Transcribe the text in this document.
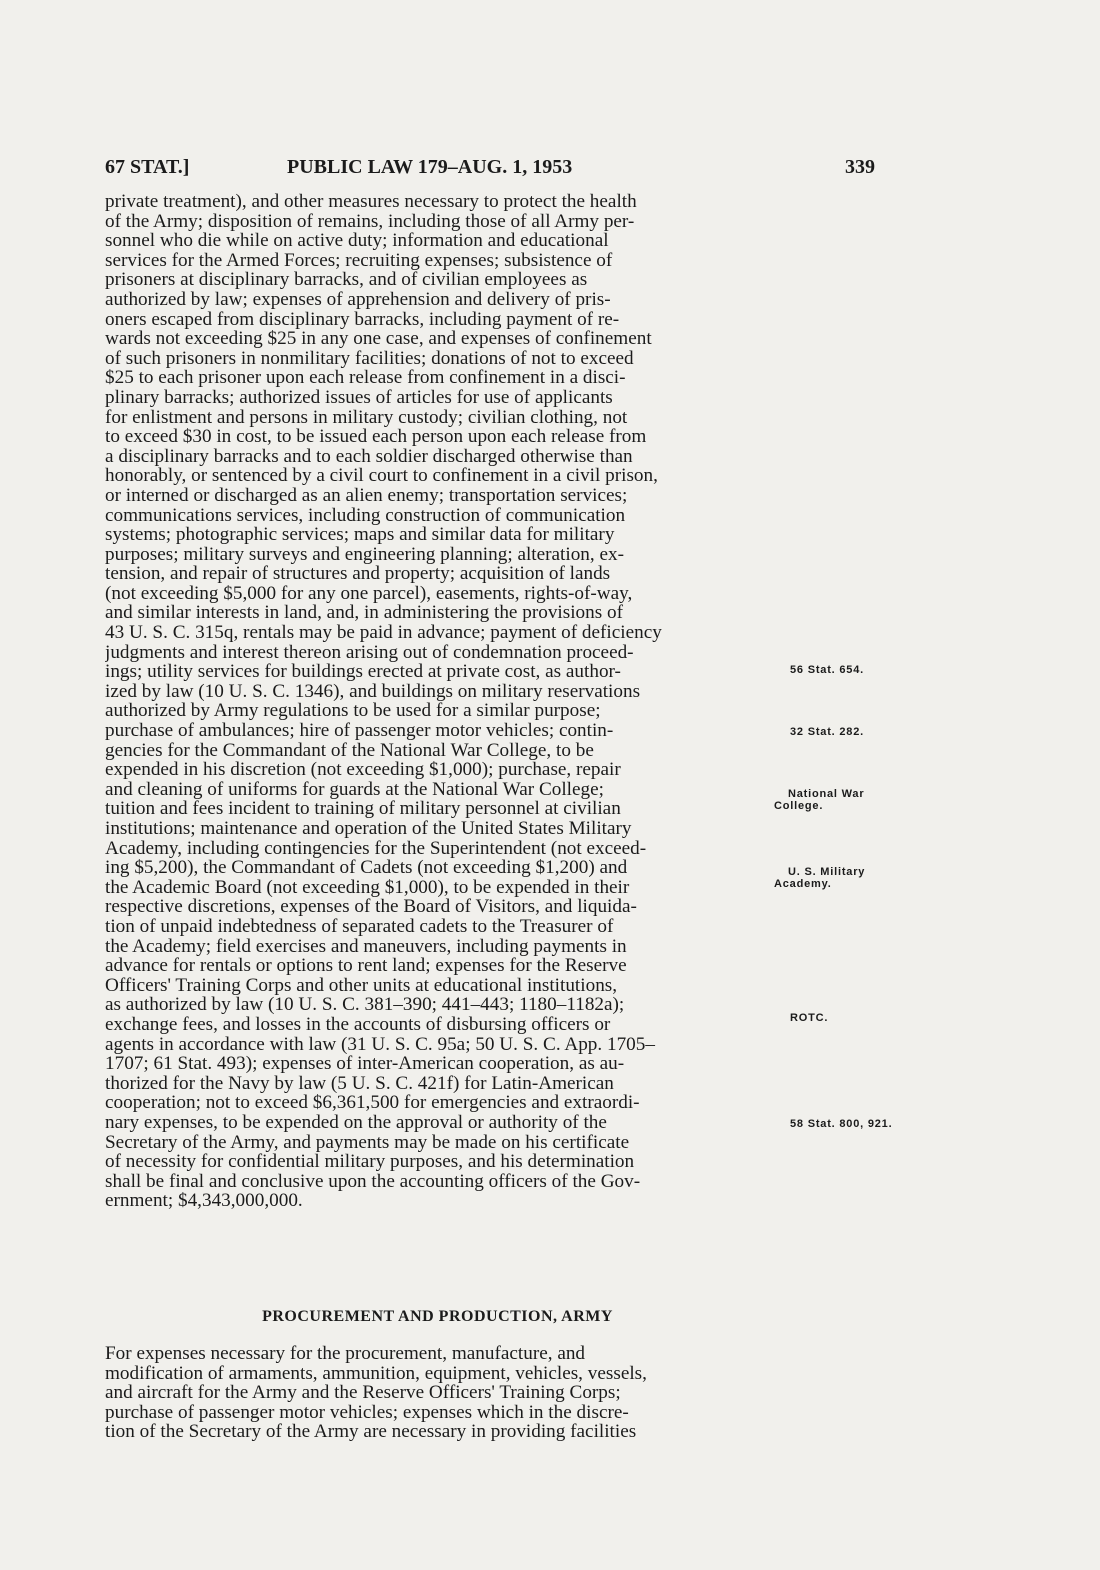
67 STAT.]	PUBLIC LAW 179–AUG. 1, 1953	339
private treatment), and other measures necessary to protect the health
of the Army; disposition of remains, including those of all Army per-
sonnel who die while on active duty; information and educational
services for the Armed Forces; recruiting expenses; subsistence of
prisoners at disciplinary barracks, and of civilian employees as
authorized by law; expenses of apprehension and delivery of pris-
oners escaped from disciplinary barracks, including payment of re-
wards not exceeding $25 in any one case, and expenses of confinement
of such prisoners in nonmilitary facilities; donations of not to exceed
$25 to each prisoner upon each release from confinement in a disci-
plinary barracks; authorized issues of articles for use of applicants
for enlistment and persons in military custody; civilian clothing, not
to exceed $30 in cost, to be issued each person upon each release from
a disciplinary barracks and to each soldier discharged otherwise than
honorably, or sentenced by a civil court to confinement in a civil prison,
or interned or discharged as an alien enemy; transportation services;
communications services, including construction of communication
systems; photographic services; maps and similar data for military
purposes; military surveys and engineering planning; alteration, ex-
tension, and repair of structures and property; acquisition of lands
(not exceeding $5,000 for any one parcel), easements, rights-of-way,
and similar interests in land, and, in administering the provisions of
43 U. S. C. 315q, rentals may be paid in advance; payment of deficiency
judgments and interest thereon arising out of condemnation proceed-
ings; utility services for buildings erected at private cost, as author-
ized by law (10 U. S. C. 1346), and buildings on military reservations
authorized by Army regulations to be used for a similar purpose;
purchase of ambulances; hire of passenger motor vehicles; contin-
gencies for the Commandant of the National War College, to be
expended in his discretion (not exceeding $1,000); purchase, repair
and cleaning of uniforms for guards at the National War College;
tuition and fees incident to training of military personnel at civilian
institutions; maintenance and operation of the United States Military
Academy, including contingencies for the Superintendent (not exceed-
ing $5,200), the Commandant of Cadets (not exceeding $1,200) and
the Academic Board (not exceeding $1,000), to be expended in their
respective discretions, expenses of the Board of Visitors, and liquida-
tion of unpaid indebtedness of separated cadets to the Treasurer of
the Academy; field exercises and maneuvers, including payments in
advance for rentals or options to rent land; expenses for the Reserve
Officers' Training Corps and other units at educational institutions,
as authorized by law (10 U. S. C. 381–390; 441–443; 1180–1182a);
exchange fees, and losses in the accounts of disbursing officers or
agents in accordance with law (31 U. S. C. 95a; 50 U. S. C. App. 1705–
1707; 61 Stat. 493); expenses of inter-American cooperation, as au-
thorized for the Navy by law (5 U. S. C. 421f) for Latin-American
cooperation; not to exceed $6,361,500 for emergencies and extraordi-
nary expenses, to be expended on the approval or authority of the
Secretary of the Army, and payments may be made on his certificate
of necessity for confidential military purposes, and his determination
shall be final and conclusive upon the accounting officers of the Gov-
ernment; $4,343,000,000.
PROCUREMENT AND PRODUCTION, ARMY
For expenses necessary for the procurement, manufacture, and
modification of armaments, ammunition, equipment, vehicles, vessels,
and aircraft for the Army and the Reserve Officers' Training Corps;
purchase of passenger motor vehicles; expenses which in the discre-
tion of the Secretary of the Army are necessary in providing facilities
56 Stat. 654.
32 Stat. 282.
National War
College.
U. S. Military
Academy.
ROTC.
58 Stat. 800, 921.
